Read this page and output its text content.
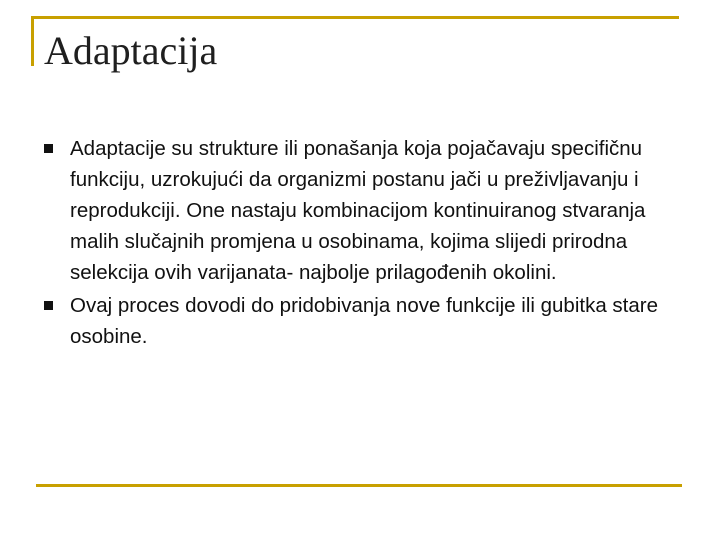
Adaptacija
Adaptacije su strukture ili ponašanja koja pojačavaju specifičnu funkciju, uzrokujući da organizmi postanu jači u preživljavanju i reprodukciji. One nastaju kombinacijom kontinuiranog stvaranja malih slučajnih promjena u osobinama, kojima slijedi prirodna selekcija ovih varijanata- najbolje prilagođenih okolini.
Ovaj proces dovodi do pridobivanja nove funkcije ili gubitka stare osobine.
